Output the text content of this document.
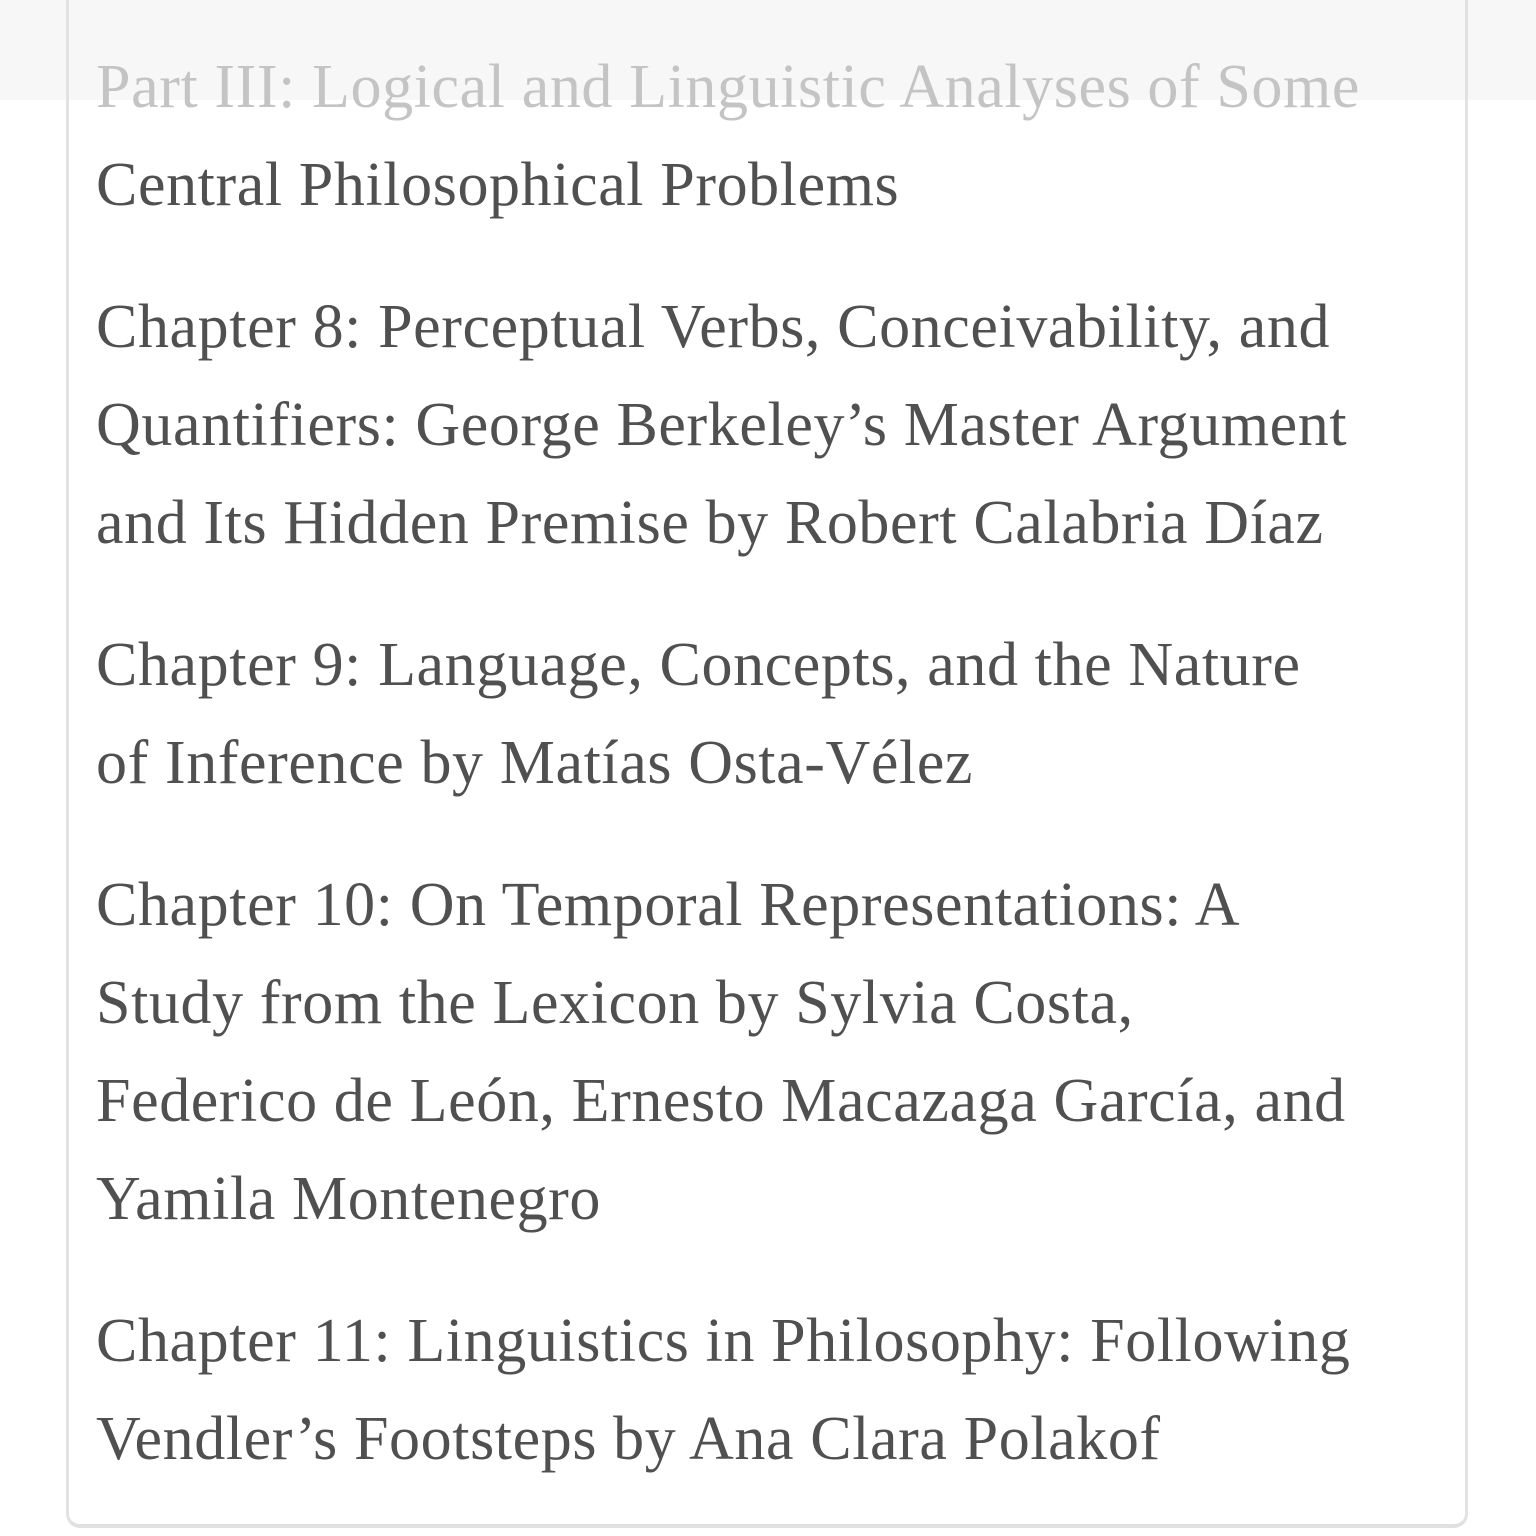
Part III: Logical and Linguistic Analyses of Some
Central Philosophical Problems
Chapter 8: Perceptual Verbs, Conceivability, and
Quantifiers: George Berkeley’s Master Argument
and Its Hidden Premise by Robert Calabria Díaz
Chapter 9: Language, Concepts, and the Nature
of Inference by Matías Osta-Vélez
Chapter 10: On Temporal Representations: A
Study from the Lexicon by Sylvia Costa,
Federico de León, Ernesto Macazaga García, and
Yamila Montenegro
Chapter 11: Linguistics in Philosophy: Following
Vendler’s Footsteps by Ana Clara Polakof
